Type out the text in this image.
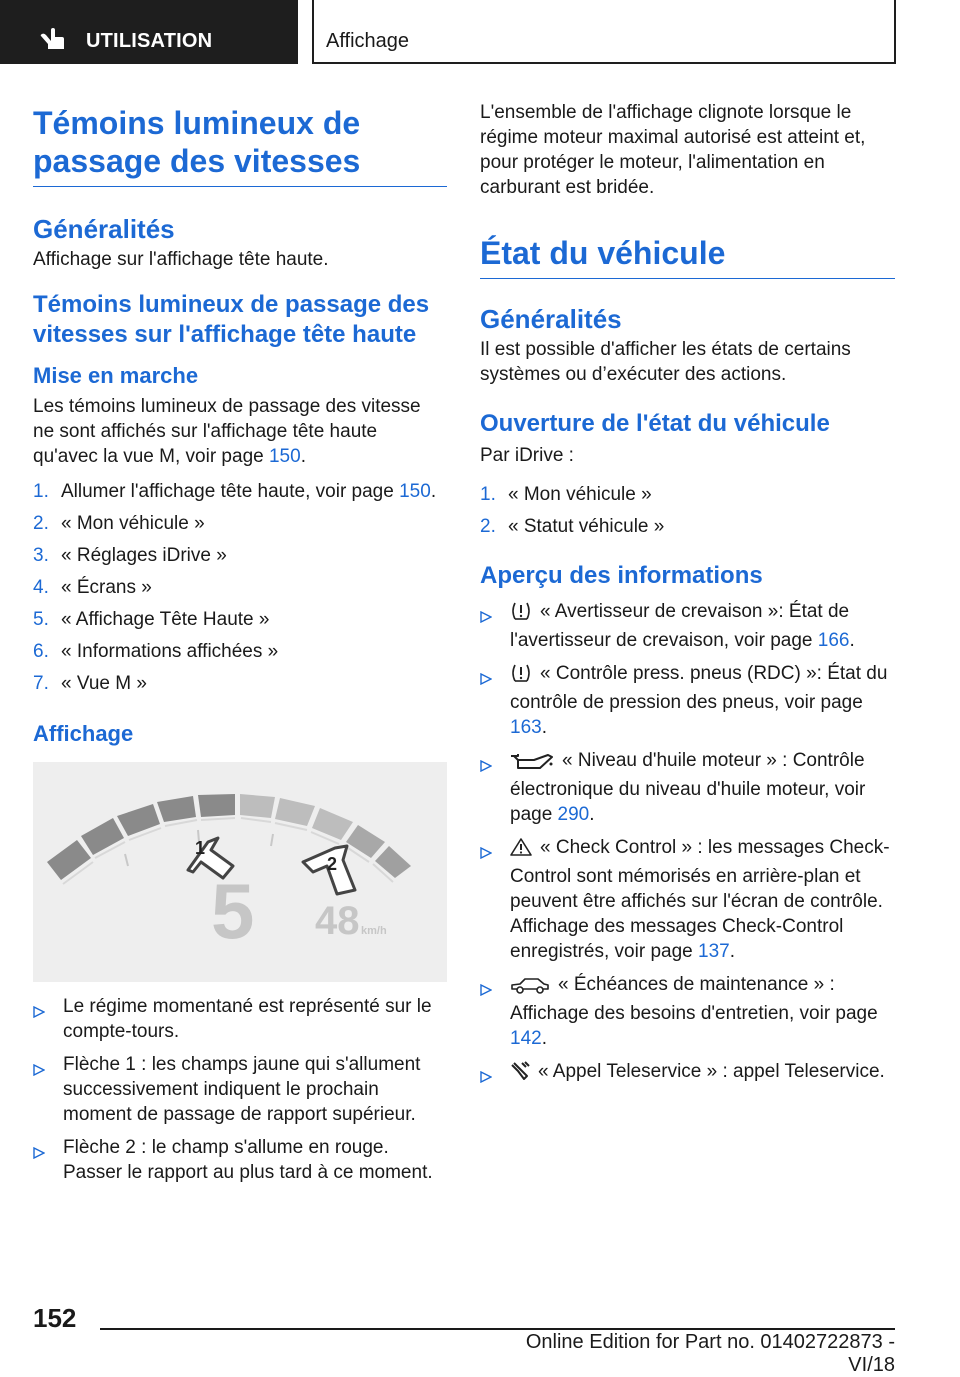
UTILISATION	Affichage
Témoins lumineux de passage des vitesses
Généralités

Affichage sur l'affichage tête haute.

Témoins lumineux de passage des vitesses sur l'affichage tête haute
Mise en marche

Les témoins lumineux de passage des vitesse ne sont affichés sur l'affichage tête haute qu'avec la vue M, voir page 150.

1. Allumer l'affichage tête haute, voir page 150.
2. « Mon véhicule »
3. « Réglages iDrive »
4. « Écrans »
5. « Affichage Tête Haute »
6. « Informations affichées »
7. « Vue M »
Affichage
1
2
5 48 km/h
Le régime momentané est représenté sur le compte-tours.
Flèche 1 : les champs jaune qui s'allument successivement indiquent le prochain moment de passage de rapport supérieur.
Flèche 2 : le champ s'allume en rouge. Passer le rapport au plus tard à ce moment.

L'ensemble de l'affichage clignote lorsque le régime moteur maximal autorisé est atteint et, pour protéger le moteur, l'alimentation en carburant est bridée.

État du véhicule
Généralités

Il est possible d'afficher les états de certains systèmes ou d’exécuter des actions.

Ouverture de l'état du véhicule

Par iDrive :

1. « Mon véhicule »
2. « Statut véhicule »
Aperçu des informations
« Avertisseur de crevaison »: État de l'avertisseur de crevaison, voir page 166.
« Contrôle press. pneus (RDC) »: État du contrôle de pression des pneus, voir page 163.
« Niveau d'huile moteur » : Contrôle électronique du niveau d'huile moteur, voir page 290.
« Check Control » : les messages Check-Control sont mémorisés en arrière-plan et peuvent être affichés sur l'écran de contrôle. Affichage des messages Check-Control enregistrés, voir page 137.
« Échéances de maintenance » : Affichage des besoins d'entretien, voir page 142.
« Appel Teleservice » : appel Teleservice.
152
Online Edition for Part no. 01402722873 - VI/18
